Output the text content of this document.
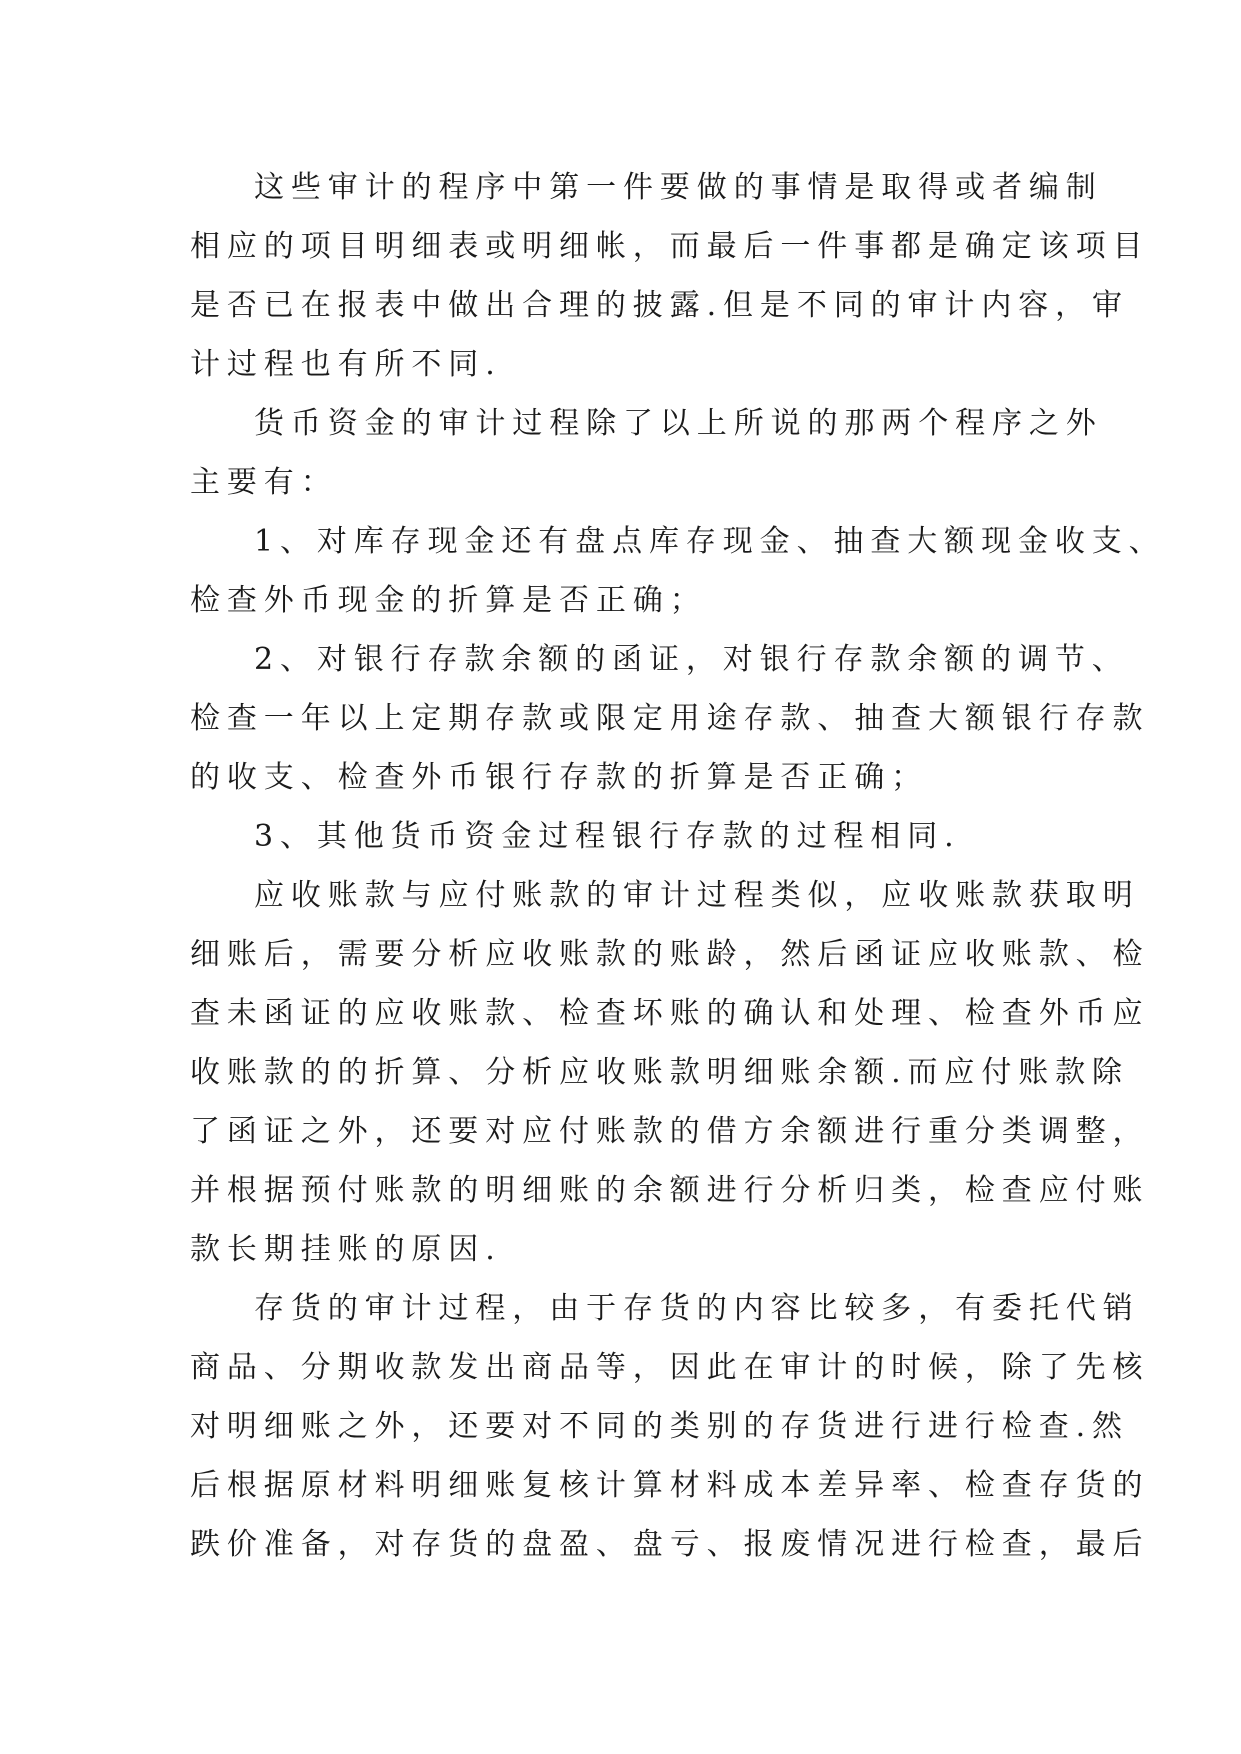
这些审计的程序中第一件要做的事情是取得或者编制
相应的项目明细表或明细帐，而最后一件事都是确定该项目
是否已在报表中做出合理的披露.但是不同的审计内容，审
计过程也有所不同.
货币资金的审计过程除了以上所说的那两个程序之外
主要有：
1、对库存现金还有盘点库存现金、抽查大额现金收支、
检查外币现金的折算是否正确；
2、对银行存款余额的函证，对银行存款余额的调节、
检查一年以上定期存款或限定用途存款、抽查大额银行存款
的收支、检查外币银行存款的折算是否正确；
3、其他货币资金过程银行存款的过程相同.
应收账款与应付账款的审计过程类似，应收账款获取明
细账后，需要分析应收账款的账龄，然后函证应收账款、检
查未函证的应收账款、检查坏账的确认和处理、检查外币应
收账款的的折算、分析应收账款明细账余额.而应付账款除
了函证之外，还要对应付账款的借方余额进行重分类调整，
并根据预付账款的明细账的余额进行分析归类，检查应付账
款长期挂账的原因.
存货的审计过程，由于存货的内容比较多，有委托代销
商品、分期收款发出商品等，因此在审计的时候，除了先核
对明细账之外，还要对不同的类别的存货进行进行检查.然
后根据原材料明细账复核计算材料成本差异率、检查存货的
跌价准备，对存货的盘盈、盘亏、报废情况进行检查，最后
